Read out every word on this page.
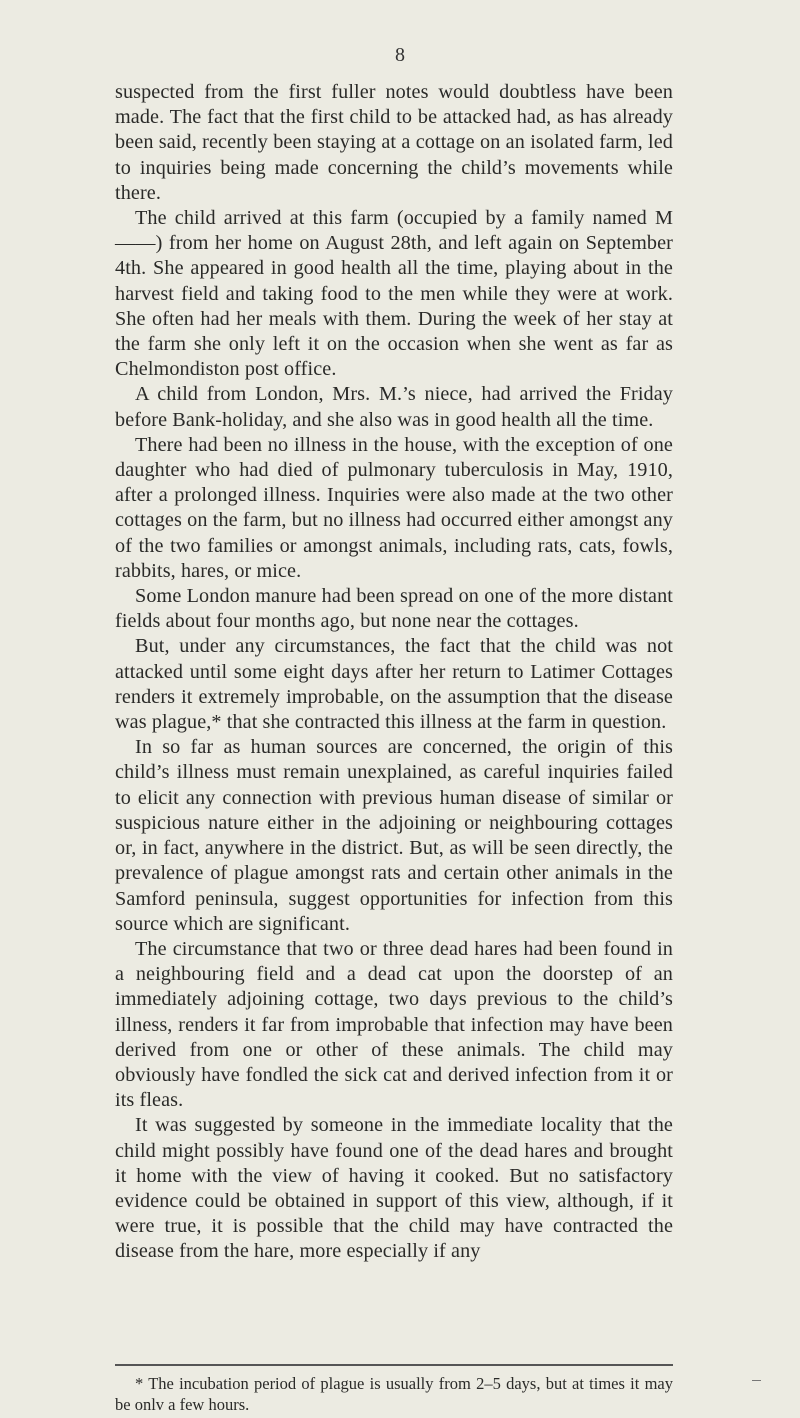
8

suspected from the first fuller notes would doubtless have been made. The fact that the first child to be attacked had, as has already been said, recently been staying at a cottage on an isolated farm, led to inquiries being made concerning the child’s movements while there.

The child arrived at this farm (occupied by a family named M——) from her home on August 28th, and left again on September 4th. She appeared in good health all the time, playing about in the harvest field and taking food to the men while they were at work. She often had her meals with them. During the week of her stay at the farm she only left it on the occasion when she went as far as Chelmondiston post office.

A child from London, Mrs. M.’s niece, had arrived the Friday before Bank-holiday, and she also was in good health all the time.

There had been no illness in the house, with the exception of one daughter who had died of pulmonary tuberculosis in May, 1910, after a prolonged illness. Inquiries were also made at the two other cottages on the farm, but no illness had occurred either amongst any of the two families or amongst animals, including rats, cats, fowls, rabbits, hares, or mice.

Some London manure had been spread on one of the more distant fields about four months ago, but none near the cottages.

But, under any circumstances, the fact that the child was not attacked until some eight days after her return to Latimer Cottages renders it extremely improbable, on the assumption that the disease was plague,* that she contracted this illness at the farm in question.

In so far as human sources are concerned, the origin of this child’s illness must remain unexplained, as careful inquiries failed to elicit any connection with previous human disease of similar or suspicious nature either in the adjoining or neighbouring cottages or, in fact, anywhere in the district. But, as will be seen directly, the prevalence of plague amongst rats and certain other animals in the Samford peninsula, suggest opportunities for infection from this source which are significant.

The circumstance that two or three dead hares had been found in a neighbouring field and a dead cat upon the doorstep of an immediately adjoining cottage, two days previous to the child’s illness, renders it far from improbable that infection may have been derived from one or other of these animals. The child may obviously have fondled the sick cat and derived infection from it or its fleas.

It was suggested by someone in the immediate locality that the child might possibly have found one of the dead hares and brought it home with the view of having it cooked. But no satisfactory evidence could be obtained in support of this view, although, if it were true, it is possible that the child may have contracted the disease from the hare, more especially if any

* The incubation period of plague is usually from 2–5 days, but at times it may be onlv a few hours.
